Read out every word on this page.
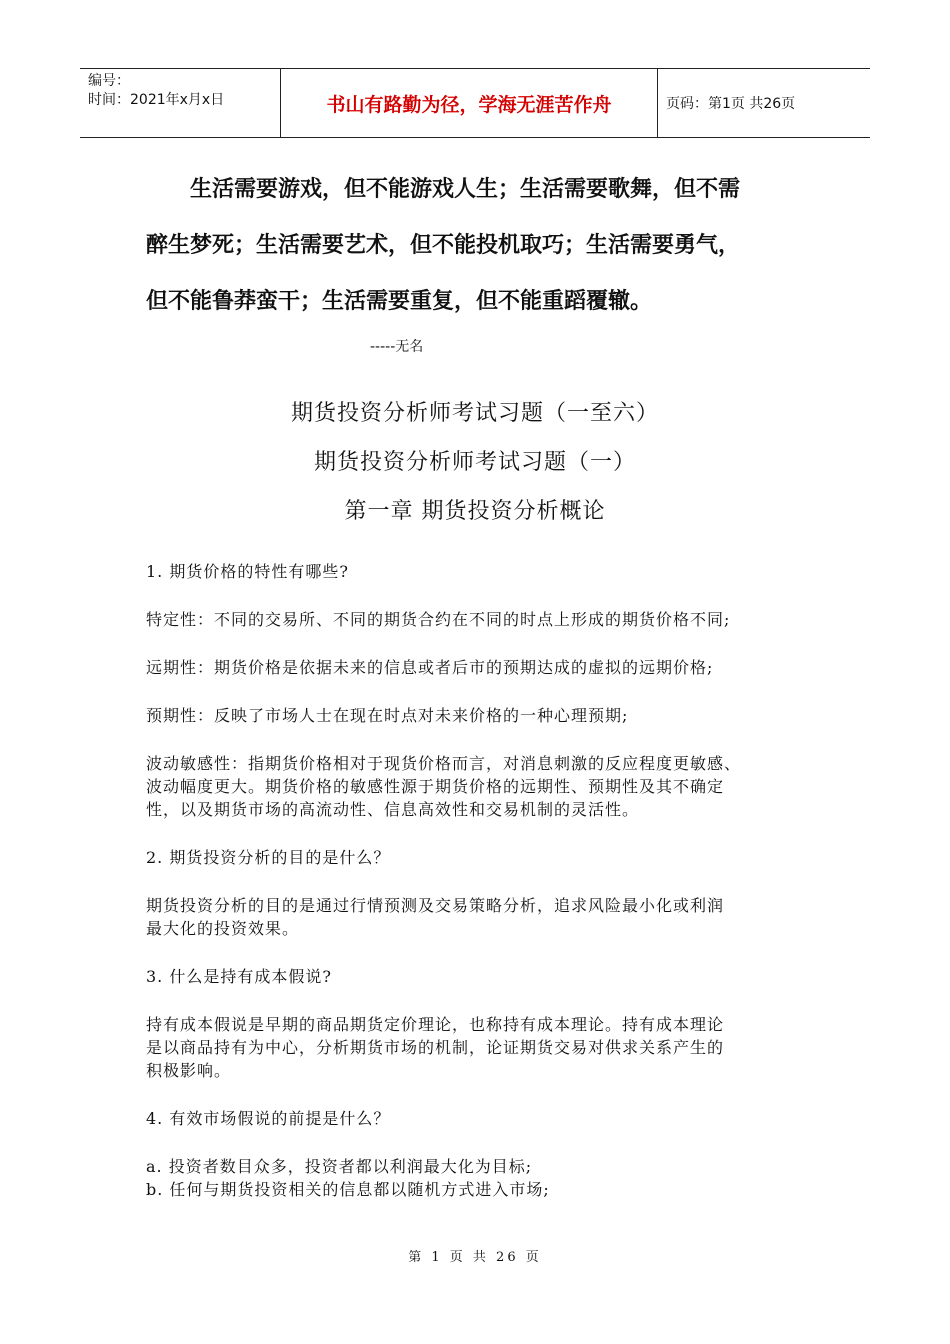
编号：
时间：2021年x月x日	书山有路勤为径，学海无涯苦作舟	页码：第1页 共26页

生活需要游戏，但不能游戏人生；生活需要歌舞，但不需

醉生梦死；生活需要艺术，但不能投机取巧；生活需要勇气，

但不能鲁莽蛮干；生活需要重复，但不能重蹈覆辙。

-----无名
期货投资分析师考试习题（一至六）
期货投资分析师考试习题（一）
第一章 期货投资分析概论

1. 期货价格的特性有哪些?

特定性：不同的交易所、不同的期货合约在不同的时点上形成的期货价格不同;

远期性：期货价格是依据未来的信息或者后市的预期达成的虚拟的远期价格;

预期性：反映了市场人士在现在时点对未来价格的一种心理预期;

波动敏感性：指期货价格相对于现货价格而言，对消息刺激的反应程度更敏感、

波动幅度更大。期货价格的敏感性源于期货价格的远期性、预期性及其不确定

性，以及期货市场的高流动性、信息高效性和交易机制的灵活性。

2. 期货投资分析的目的是什么？

期货投资分析的目的是通过行情预测及交易策略分析，追求风险最小化或利润

最大化的投资效果。

3. 什么是持有成本假说?

持有成本假说是早期的商品期货定价理论，也称持有成本理论。持有成本理论

是以商品持有为中心，分析期货市场的机制，论证期货交易对供求关系产生的

积极影响。

4. 有效市场假说的前提是什么？

a. 投资者数目众多，投资者都以利润最大化为目标;

b. 任何与期货投资相关的信息都以随机方式进入市场;

第 1 页 共 26 页
